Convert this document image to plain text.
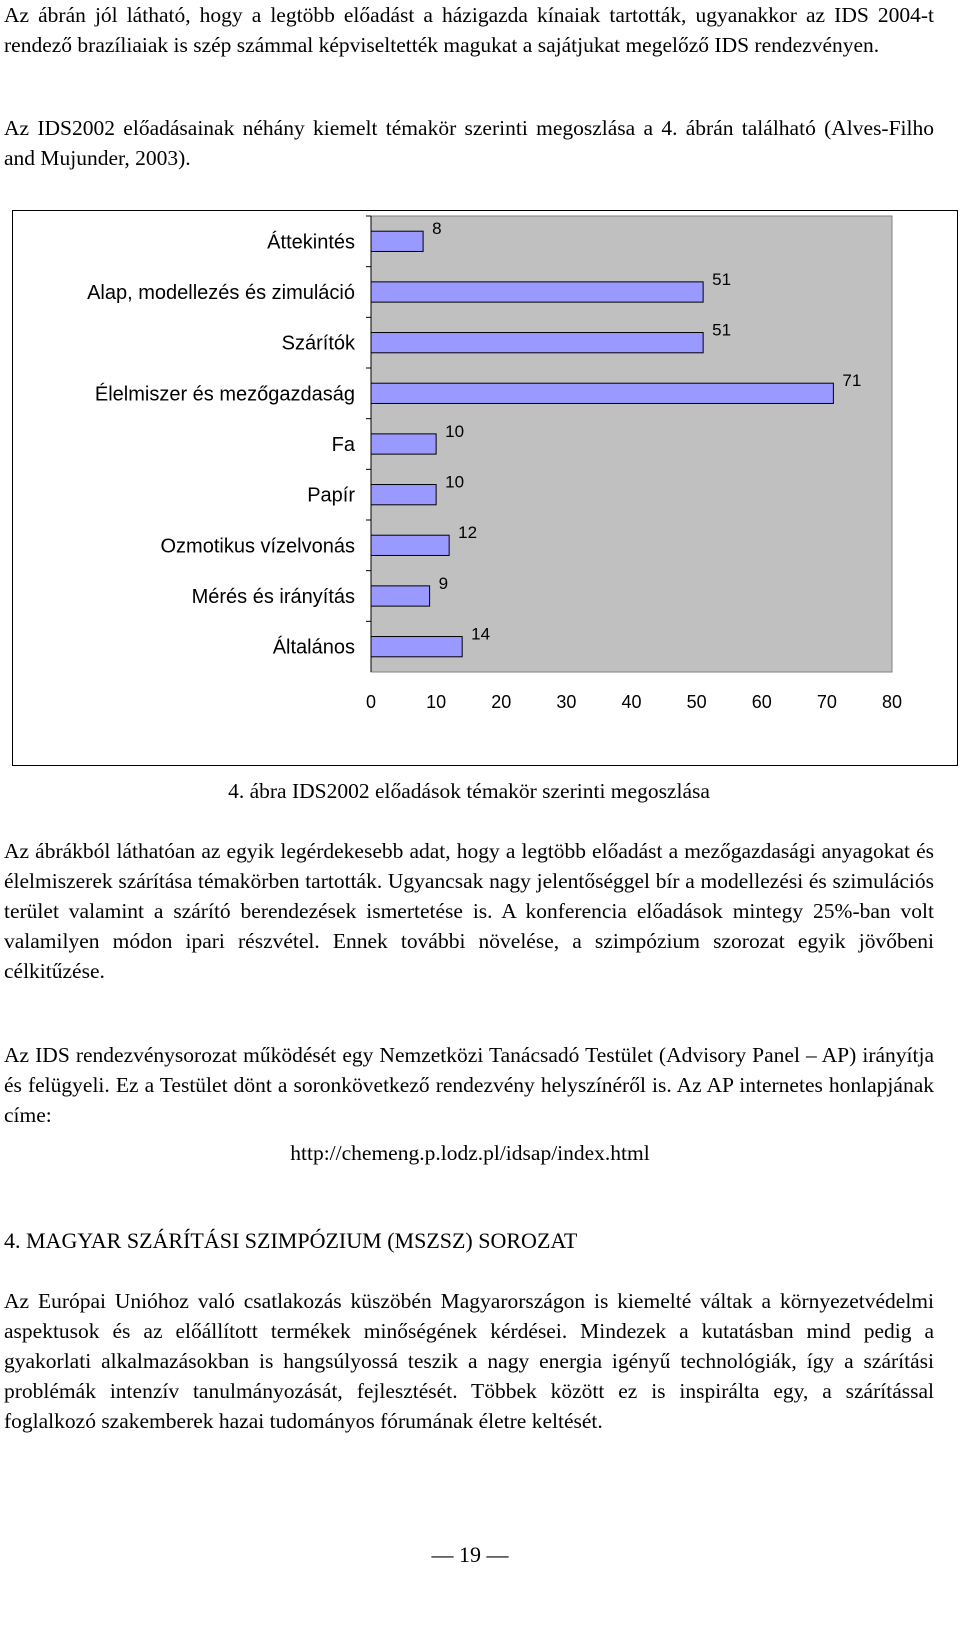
Az ábrán jól látható, hogy a legtöbb előadást a házigazda kínaiak tartották, ugyanakkor az IDS 2004-t rendező brazíliaiak is szép számmal képviseltették magukat a sajátjukat megelőző IDS rendezvényen.

Az IDS2002 előadásainak néhány kiemelt témakör szerinti megoszlása a 4. ábrán található (Alves-Filho and Mujunder, 2003).

Áttekintés
Alap, modellezés és zimuláció
Szárítók
Élelmiszer és mezőgazdaság
Fa
Papír
Ozmotikus vízelvonás
Mérés és irányítás
Általános
8
51
51
71
10
10
12
9
14
0	10	20	30	40	50	60	70	80

4. ábra IDS2002 előadások témakör szerinti megoszlása

Az ábrákból láthatóan az egyik legérdekesebb adat, hogy a legtöbb előadást a mezőgazdasági anyagokat és élelmiszerek szárítása témakörben tartották. Ugyancsak nagy jelentőséggel bír a modellezési és szimulációs terület valamint a szárító berendezések ismertetése is. A konferencia előadások mintegy 25%-ban volt valamilyen módon ipari részvétel. Ennek további növelése, a szimpózium szorozat egyik jövőbeni célkitűzése.

Az IDS rendezvénysorozat működését egy Nemzetközi Tanácsadó Testület (Advisory Panel – AP) irányítja és felügyeli. Ez a Testület dönt a soronkövetkező rendezvény helyszínéről is. Az AP internetes honlapjának címe:

http://chemeng.p.lodz.pl/idsap/index.html
4. MAGYAR SZÁRÍTÁSI SZIMPÓZIUM (MSZSZ) SOROZAT

Az Európai Unióhoz való csatlakozás küszöbén Magyarországon is kiemelté váltak a környezetvédelmi aspektusok és az előállított termékek minőségének kérdései. Mindezek a kutatásban mind pedig a gyakorlati alkalmazásokban is hangsúlyossá teszik a nagy energia igényű technológiák, így a szárítási problémák intenzív tanulmányozását, fejlesztését. Többek között ez is inspirálta egy, a szárítással foglalkozó szakemberek hazai tudományos fórumának életre keltését.

— 19 —
